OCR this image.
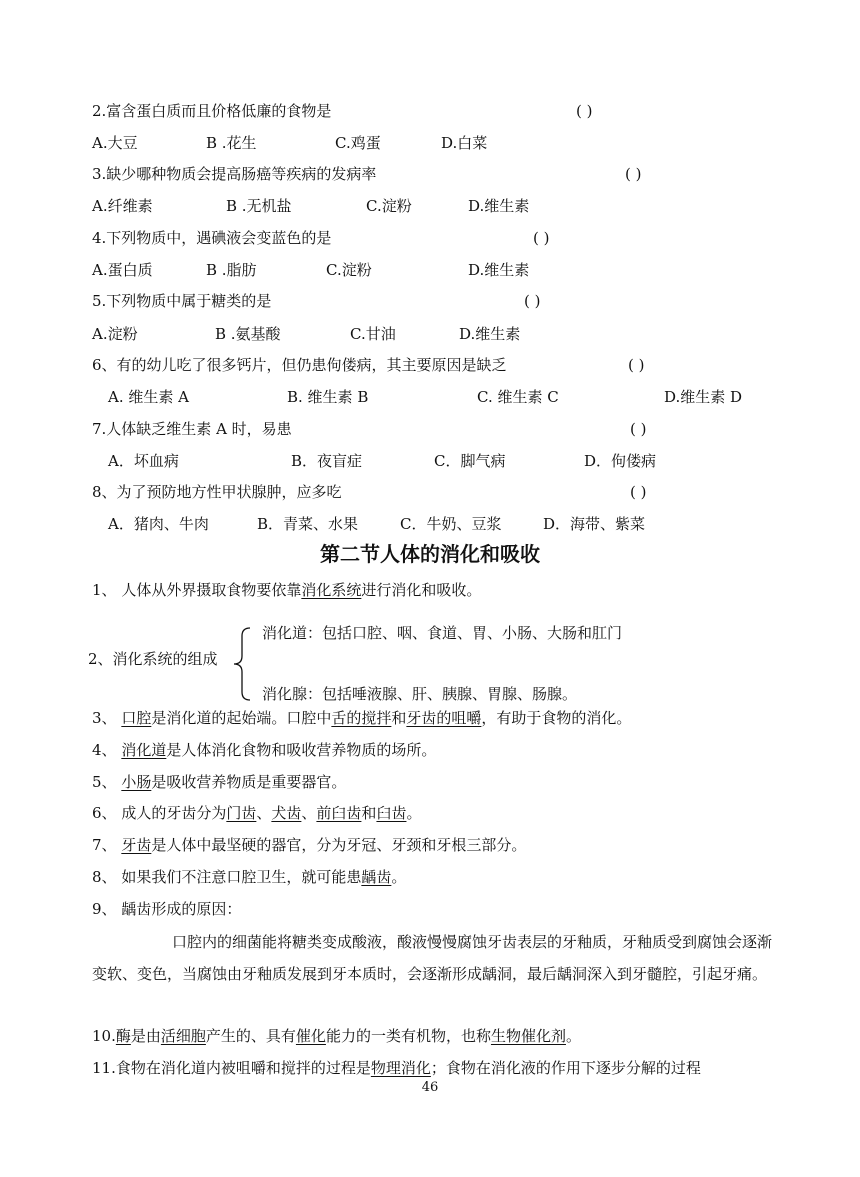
2.富含蛋白质而且价格低廉的食物是	( )
A.大豆	B .花生	C.鸡蛋	D.白菜
3.缺少哪种物质会提高肠癌等疾病的发病率	( )
A.纤维素	B .无机盐	C.淀粉	D.维生素
4.下列物质中，遇碘液会变蓝色的是	( )
A.蛋白质	B .脂肪	C.淀粉	D.维生素
5.下列物质中属于糖类的是	( )
A.淀粉	B .氨基酸	C.甘油	D.维生素
6、有的幼儿吃了很多钙片，但仍患佝偻病，其主要原因是缺乏	( )
A. 维生素 A	B. 维生素 B	C. 维生素 C	D.维生素 D
7.人体缺乏维生素 A 时，易患	( )
A．坏血病	B．夜盲症	C．脚气病	D．佝偻病
8、为了预防地方性甲状腺肿，应多吃	( )
A．猪肉、牛肉	B．青菜、水果	C．牛奶、豆浆	D．海带、紫菜
第二节人体的消化和吸收
1、 人体从外界摄取食物要依靠消化系统进行消化和吸收。
2、消化系统的组成
消化道：包括口腔、咽、食道、胃、小肠、大肠和肛门
消化腺：包括唾液腺、肝、胰腺、胃腺、肠腺。
3、 口腔是消化道的起始端。口腔中舌的搅拌和牙齿的咀嚼，有助于食物的消化。
4、 消化道是人体消化食物和吸收营养物质的场所。
5、 小肠是吸收营养物质是重要器官。
6、 成人的牙齿分为门齿、犬齿、前臼齿和臼齿。
7、 牙齿是人体中最坚硬的器官，分为牙冠、牙颈和牙根三部分。
8、 如果我们不注意口腔卫生，就可能患龋齿。
9、 龋齿形成的原因：
口腔内的细菌能将糖类变成酸液，酸液慢慢腐蚀牙齿表层的牙釉质，牙釉质受到腐蚀会逐渐变软、变色，当腐蚀由牙釉质发展到牙本质时，会逐渐形成龋洞，最后龋洞深入到牙髓腔，引起牙痛。
10.酶是由活细胞产生的、具有催化能力的一类有机物，也称生物催化剂。
11.食物在消化道内被咀嚼和搅拌的过程是物理消化；食物在消化液的作用下逐步分解的过程
46
